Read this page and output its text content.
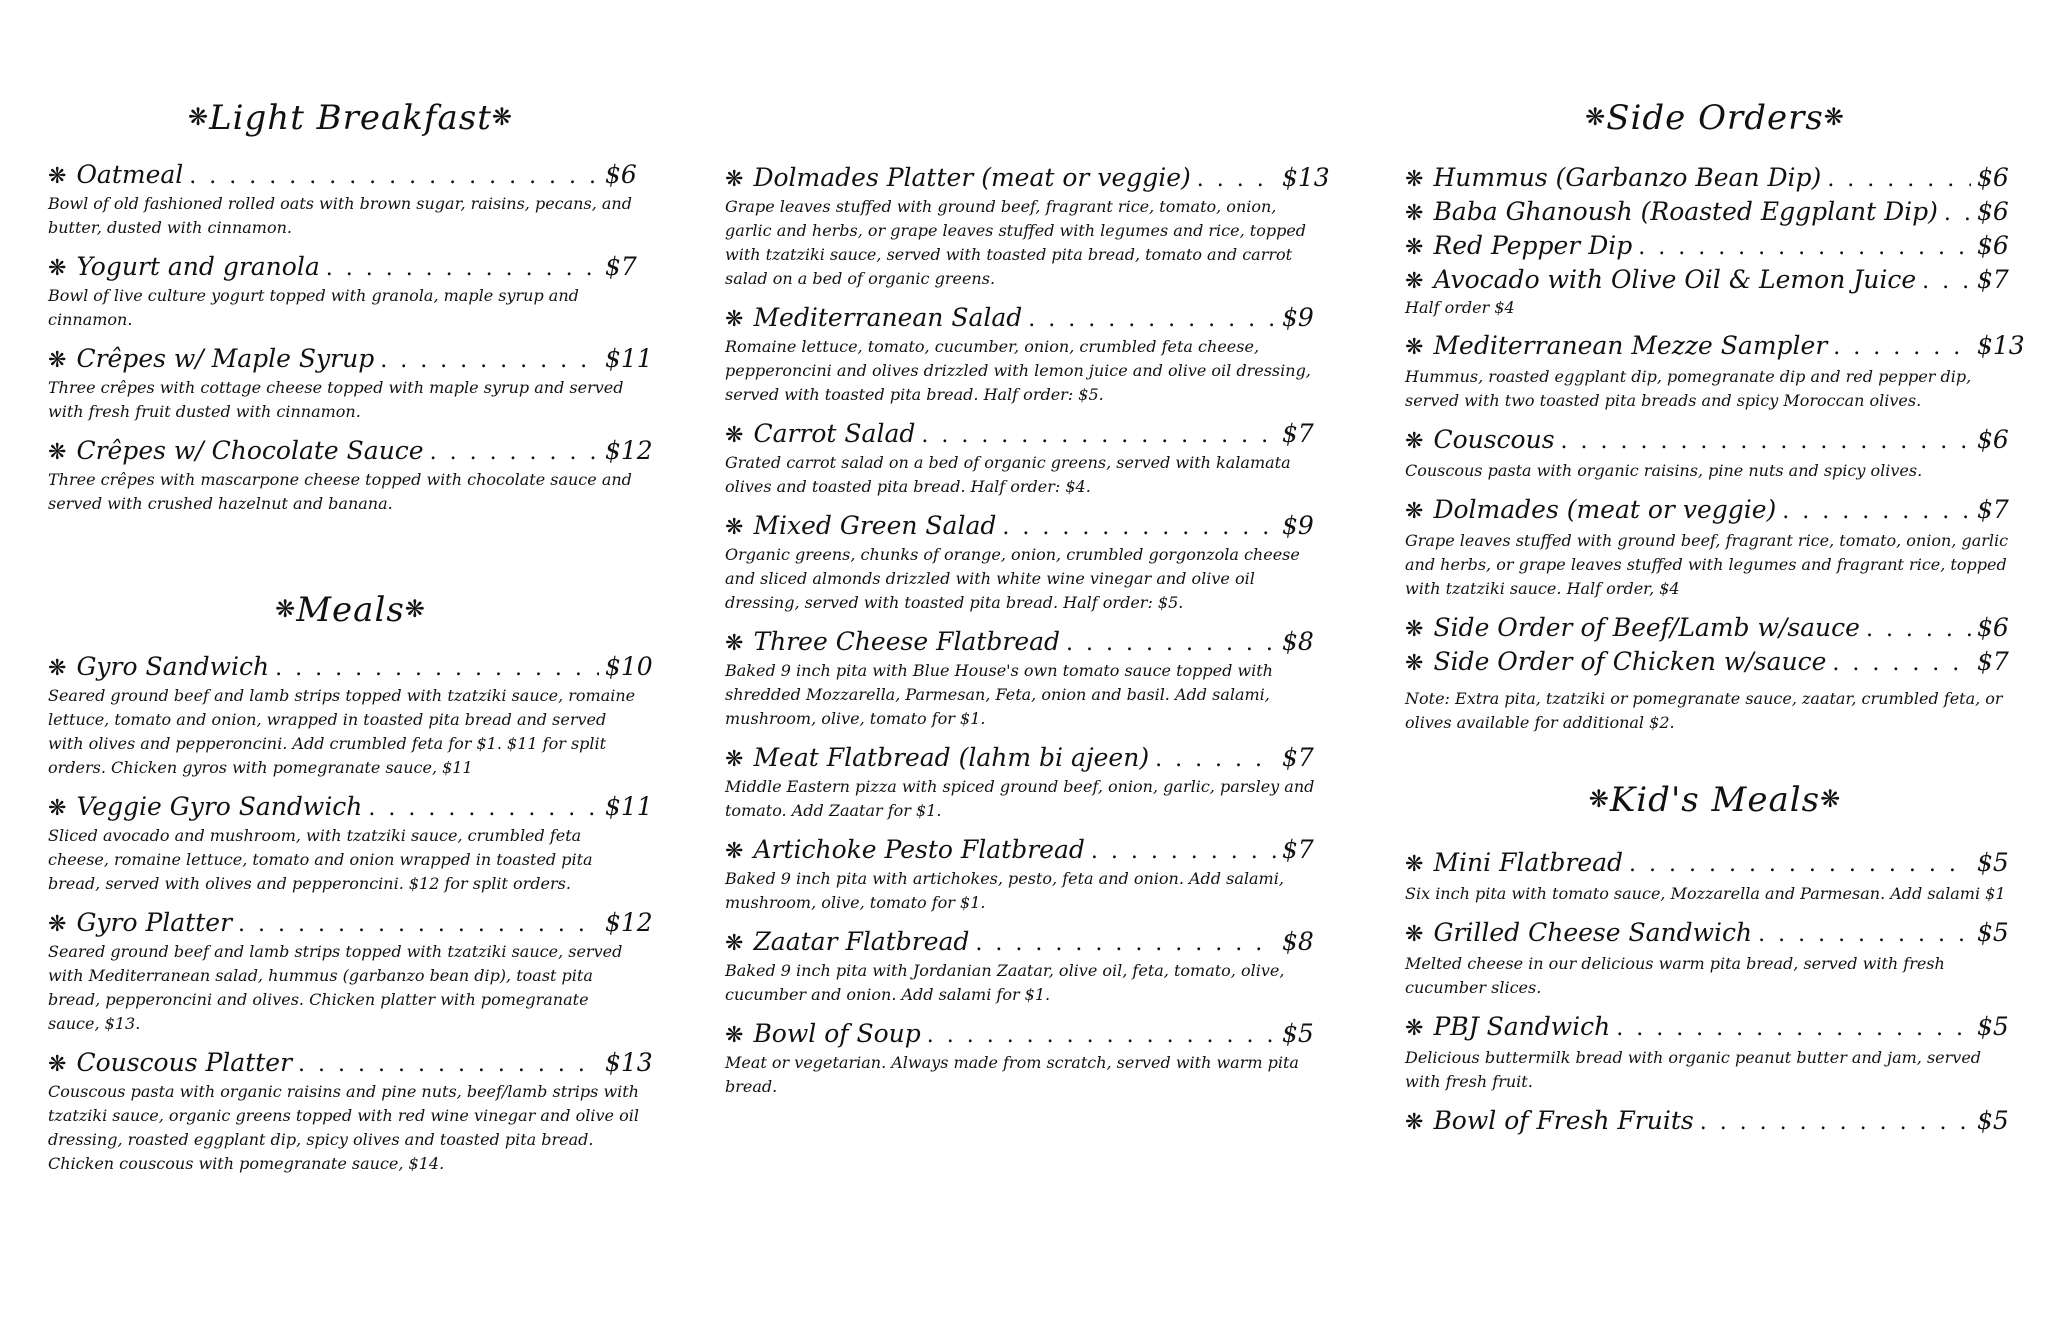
❋Light Breakfast❋
❋ Oatmeal . . .	$6
Bowl of old fashioned rolled oats with brown sugar, raisins, pecans, and butter, dusted with cinnamon.
❋ Yogurt and granola . . .	$7
Bowl of live culture yogurt topped with granola, maple syrup and cinnamon.
❋ Crêpes w/ Maple Syrup . . .	$11
Three crêpes with cottage cheese topped with maple syrup and served with fresh fruit dusted with cinnamon.
❋ Crêpes w/ Chocolate Sauce . . .	$12
Three crêpes with mascarpone cheese topped with chocolate sauce and served with crushed hazelnut and banana.
❋Meals❋
❋ Gyro Sandwich . . .	$10
Seared ground beef and lamb strips topped with tzatziki sauce, romaine lettuce, tomato and onion, wrapped in toasted pita bread and served with olives and pepperoncini. Add crumbled feta for $1. $11 for split orders. Chicken gyros with pomegranate sauce, $11
❋ Veggie Gyro Sandwich . . .	$11
Sliced avocado and mushroom, with tzatziki sauce, crumbled feta cheese, romaine lettuce, tomato and onion wrapped in toasted pita bread, served with olives and pepperoncini. $12 for split orders.
❋ Gyro Platter . . .	$12
Seared ground beef and lamb strips topped with tzatziki sauce, served with Mediterranean salad, hummus (garbanzo bean dip), toast pita bread, pepperoncini and olives. Chicken platter with pomegranate sauce, $13.
❋ Couscous Platter . . .	$13
Couscous pasta with organic raisins and pine nuts, beef/lamb strips with tzatziki sauce, organic greens topped with red wine vinegar and olive oil dressing, roasted eggplant dip, spicy olives and toasted pita bread. Chicken couscous with pomegranate sauce, $14.
❋ Dolmades Platter (meat or veggie) . . .	$13
Grape leaves stuffed with ground beef, fragrant rice, tomato, onion, garlic and herbs, or grape leaves stuffed with legumes and rice, topped with tzatziki sauce, served with toasted pita bread, tomato and carrot salad on a bed of organic greens.
❋ Mediterranean Salad . . .	$9
Romaine lettuce, tomato, cucumber, onion, crumbled feta cheese, pepperoncini and olives drizzled with lemon juice and olive oil dressing, served with toasted pita bread. Half order: $5.
❋ Carrot Salad . . .	$7
Grated carrot salad on a bed of organic greens, served with kalamata olives and toasted pita bread. Half order: $4.
❋ Mixed Green Salad . . .	$9
Organic greens, chunks of orange, onion, crumbled gorgonzola cheese and sliced almonds drizzled with white wine vinegar and olive oil dressing, served with toasted pita bread. Half order: $5.
❋ Three Cheese Flatbread . . .	$8
Baked 9 inch pita with Blue House's own tomato sauce topped with shredded Mozzarella, Parmesan, Feta, onion and basil. Add salami, mushroom, olive, tomato for $1.
❋ Meat Flatbread (lahm bi ajeen) . . .	$7
Middle Eastern pizza with spiced ground beef, onion, garlic, parsley and tomato. Add Zaatar for $1.
❋ Artichoke Pesto Flatbread . . .	$7
Baked 9 inch pita with artichokes, pesto, feta and onion. Add salami, mushroom, olive, tomato for $1.
❋ Zaatar Flatbread . . .	$8
Baked 9 inch pita with Jordanian Zaatar, olive oil, feta, tomato, olive, cucumber and onion. Add salami for $1.
❋ Bowl of Soup . . .	$5
Meat or vegetarian. Always made from scratch, served with warm pita bread.
❋Side Orders❋
❋ Hummus (Garbanzo Bean Dip) . . .	$6
❋ Baba Ghanoush (Roasted Eggplant Dip) . . . $6
❋ Red Pepper Dip . . .	$6
❋ Avocado with Olive Oil & Lemon Juice . . . $7
Half order $4
❋ Mediterranean Mezze Sampler . . .	$13
Hummus, roasted eggplant dip, pomegranate dip and red pepper dip, served with two toasted pita breads and spicy Moroccan olives.
❋ Couscous . . .	$6
Couscous pasta with organic raisins, pine nuts and spicy olives.
❋ Dolmades (meat or veggie) . . .	$7
Grape leaves stuffed with ground beef, fragrant rice, tomato, onion, garlic and herbs, or grape leaves stuffed with legumes and fragrant rice, topped with tzatziki sauce. Half order, $4
❋ Side Order of Beef/Lamb w/sauce . . .	$6
❋ Side Order of Chicken w/sauce . . .	$7
Note: Extra pita, tzatziki or pomegranate sauce, zaatar, crumbled feta, or olives available for additional $2.
❋Kid's Meals❋
❋ Mini Flatbread . . .	$5
Six inch pita with tomato sauce, Mozzarella and Parmesan. Add salami $1
❋ Grilled Cheese Sandwich . . .	$5
Melted cheese in our delicious warm pita bread, served with fresh cucumber slices.
❋ PBJ Sandwich . . .	$5
Delicious buttermilk bread with organic peanut butter and jam, served with fresh fruit.
❋ Bowl of Fresh Fruits . . .	$5
